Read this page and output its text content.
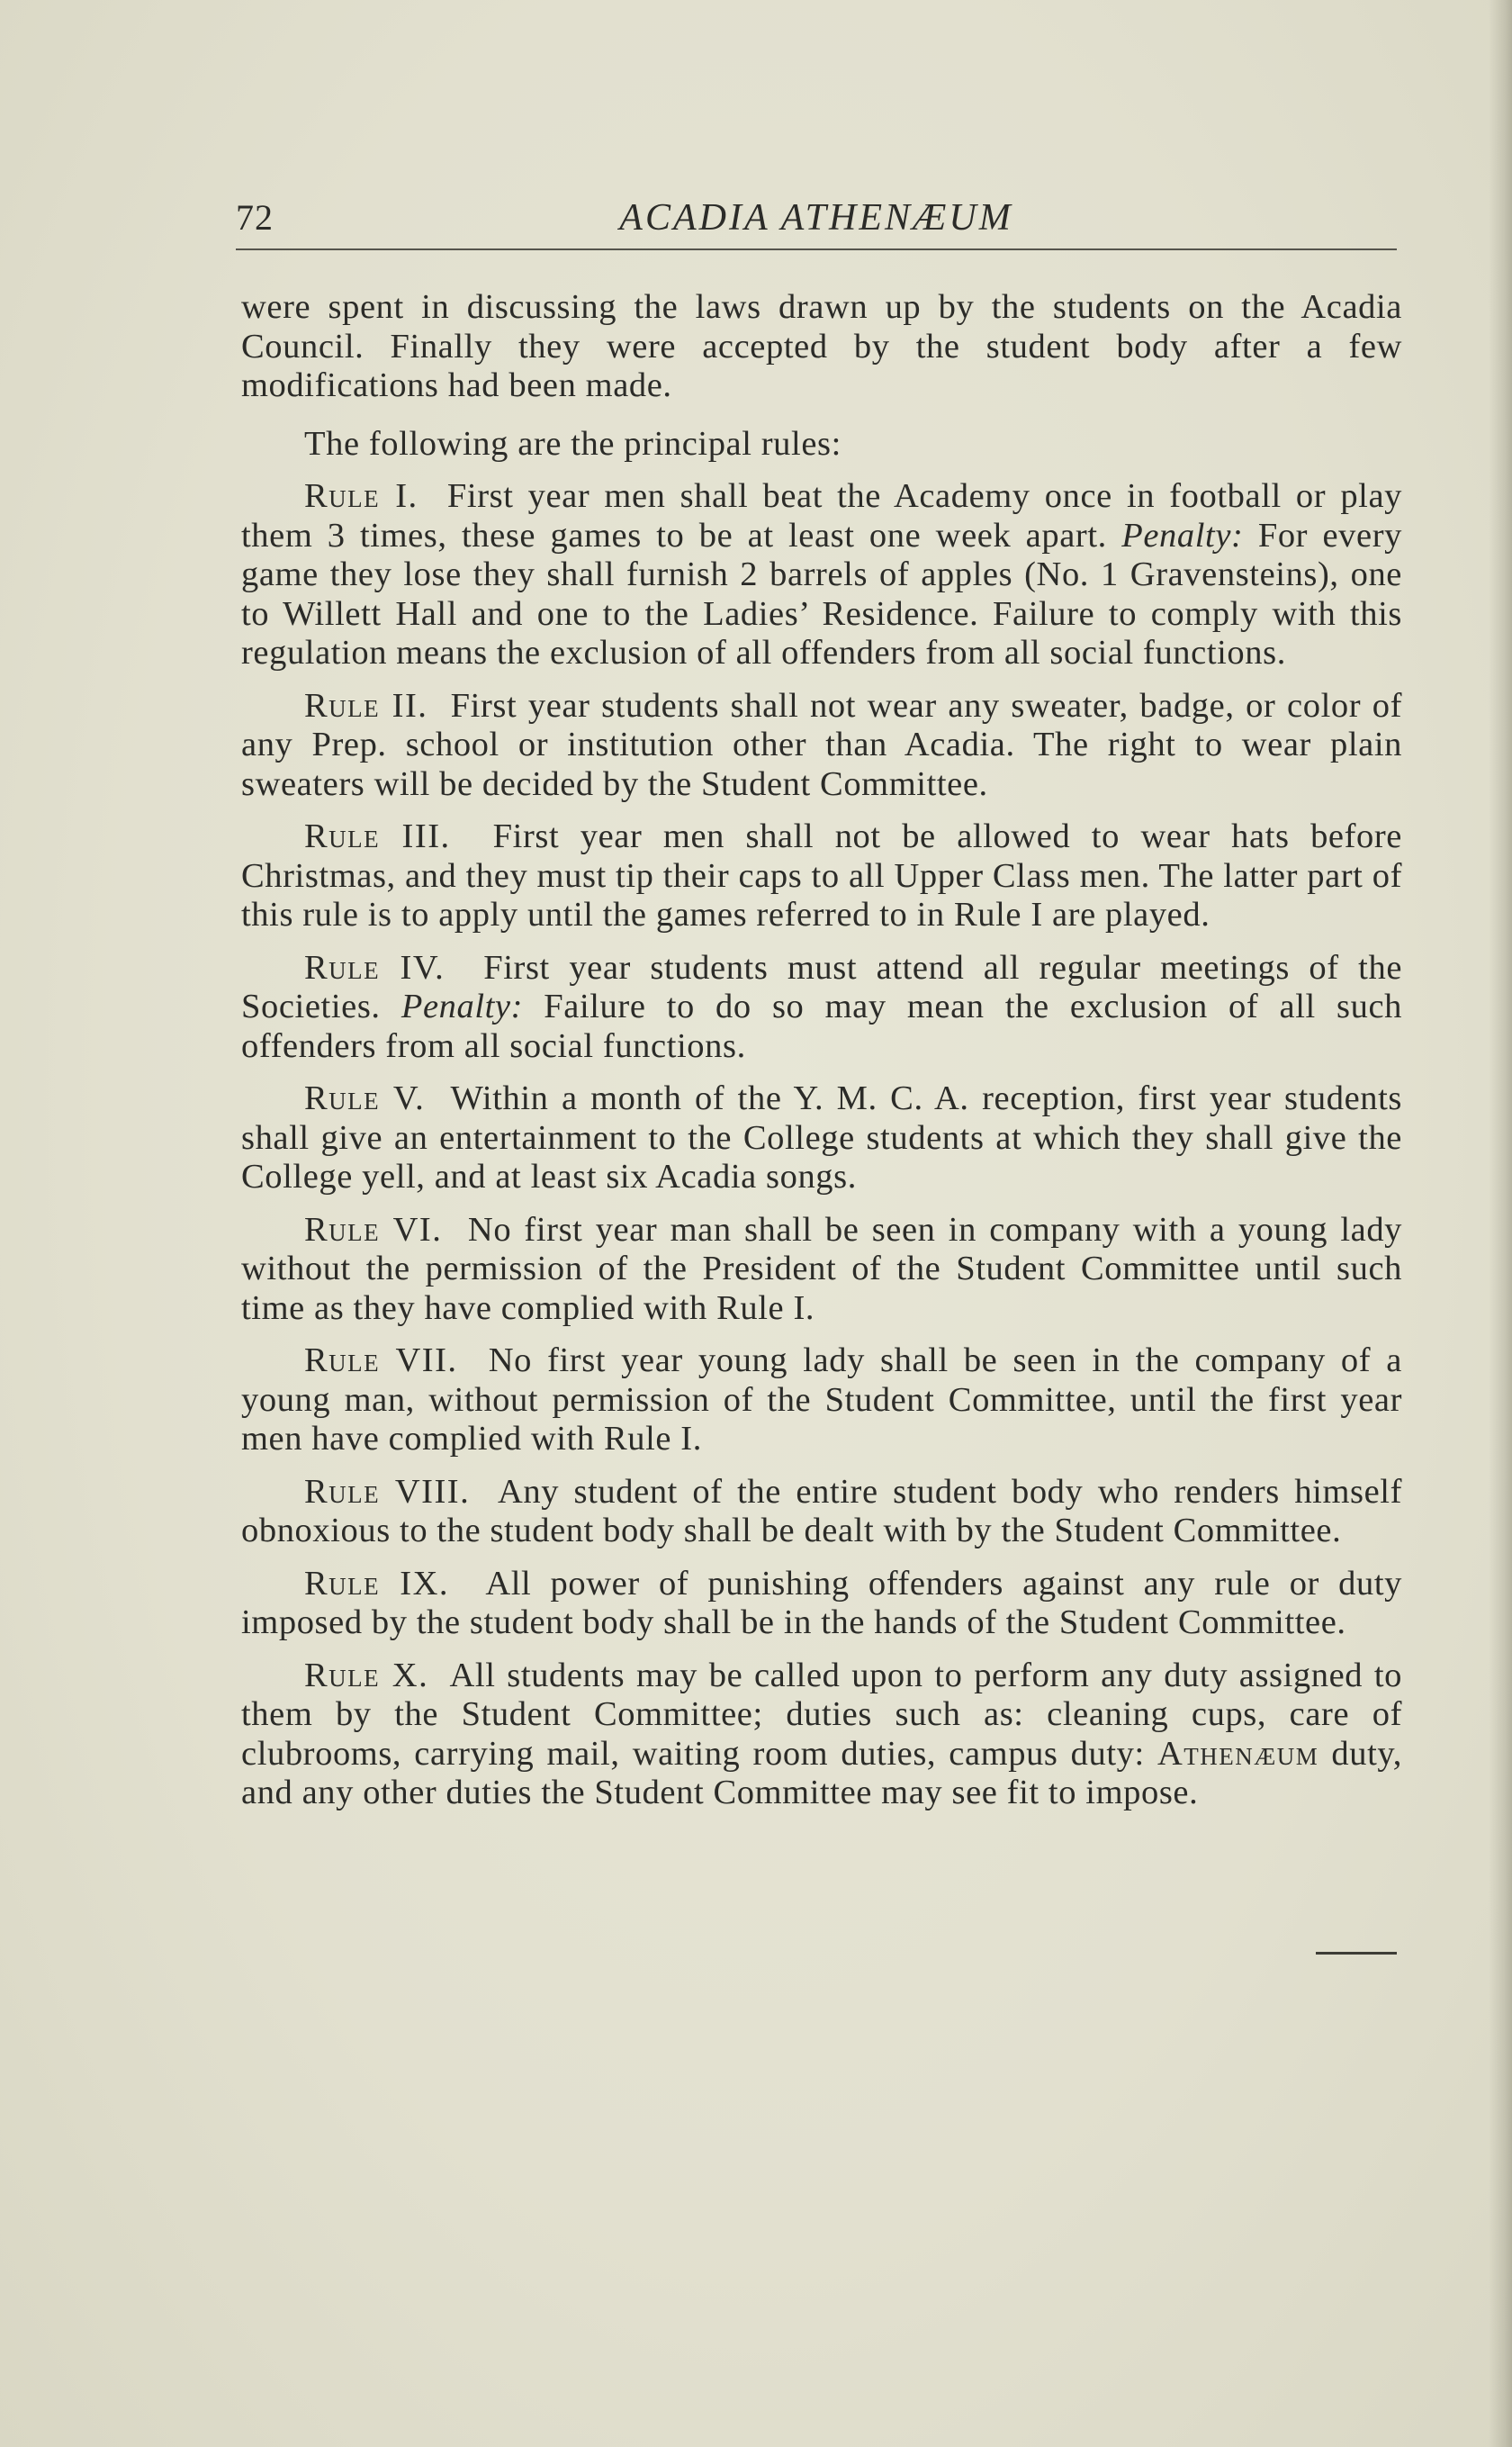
72	ACADIA ATHENÆUM

were spent in discussing the laws drawn up by the students on the Acadia Council. Finally they were accepted by the student body after a few modifications had been made.

The following are the principal rules:

Rule I. First year men shall beat the Academy once in football or play them 3 times, these games to be at least one week apart. Penalty: For every game they lose they shall furnish 2 barrels of apples (No. 1 Gravensteins), one to Willett Hall and one to the Ladies’ Residence. Failure to comply with this regulation means the exclusion of all offenders from all social functions.

Rule II. First year students shall not wear any sweater, badge, or color of any Prep. school or institution other than Acadia. The right to wear plain sweaters will be decided by the Student Committee.

Rule III. First year men shall not be allowed to wear hats before Christmas, and they must tip their caps to all Upper Class men. The latter part of this rule is to apply until the games referred to in Rule I are played.

Rule IV. First year students must attend all regular meetings of the Societies. Penalty: Failure to do so may mean the exclusion of all such offenders from all social functions.

Rule V. Within a month of the Y. M. C. A. reception, first year students shall give an entertainment to the College students at which they shall give the College yell, and at least six Acadia songs.

Rule VI. No first year man shall be seen in company with a young lady without the permission of the President of the Student Committee until such time as they have complied with Rule I.

Rule VII. No first year young lady shall be seen in the company of a young man, without permission of the Student Committee, until the first year men have complied with Rule I.

Rule VIII. Any student of the entire student body who renders himself obnoxious to the student body shall be dealt with by the Student Committee.

Rule IX. All power of punishing offenders against any rule or duty imposed by the student body shall be in the hands of the Student Committee.

Rule X. All students may be called upon to perform any duty assigned to them by the Student Committee; duties such as: cleaning cups, care of clubrooms, carrying mail, waiting room duties, campus duty: Athenæum duty, and any other duties the Student Committee may see fit to impose.
